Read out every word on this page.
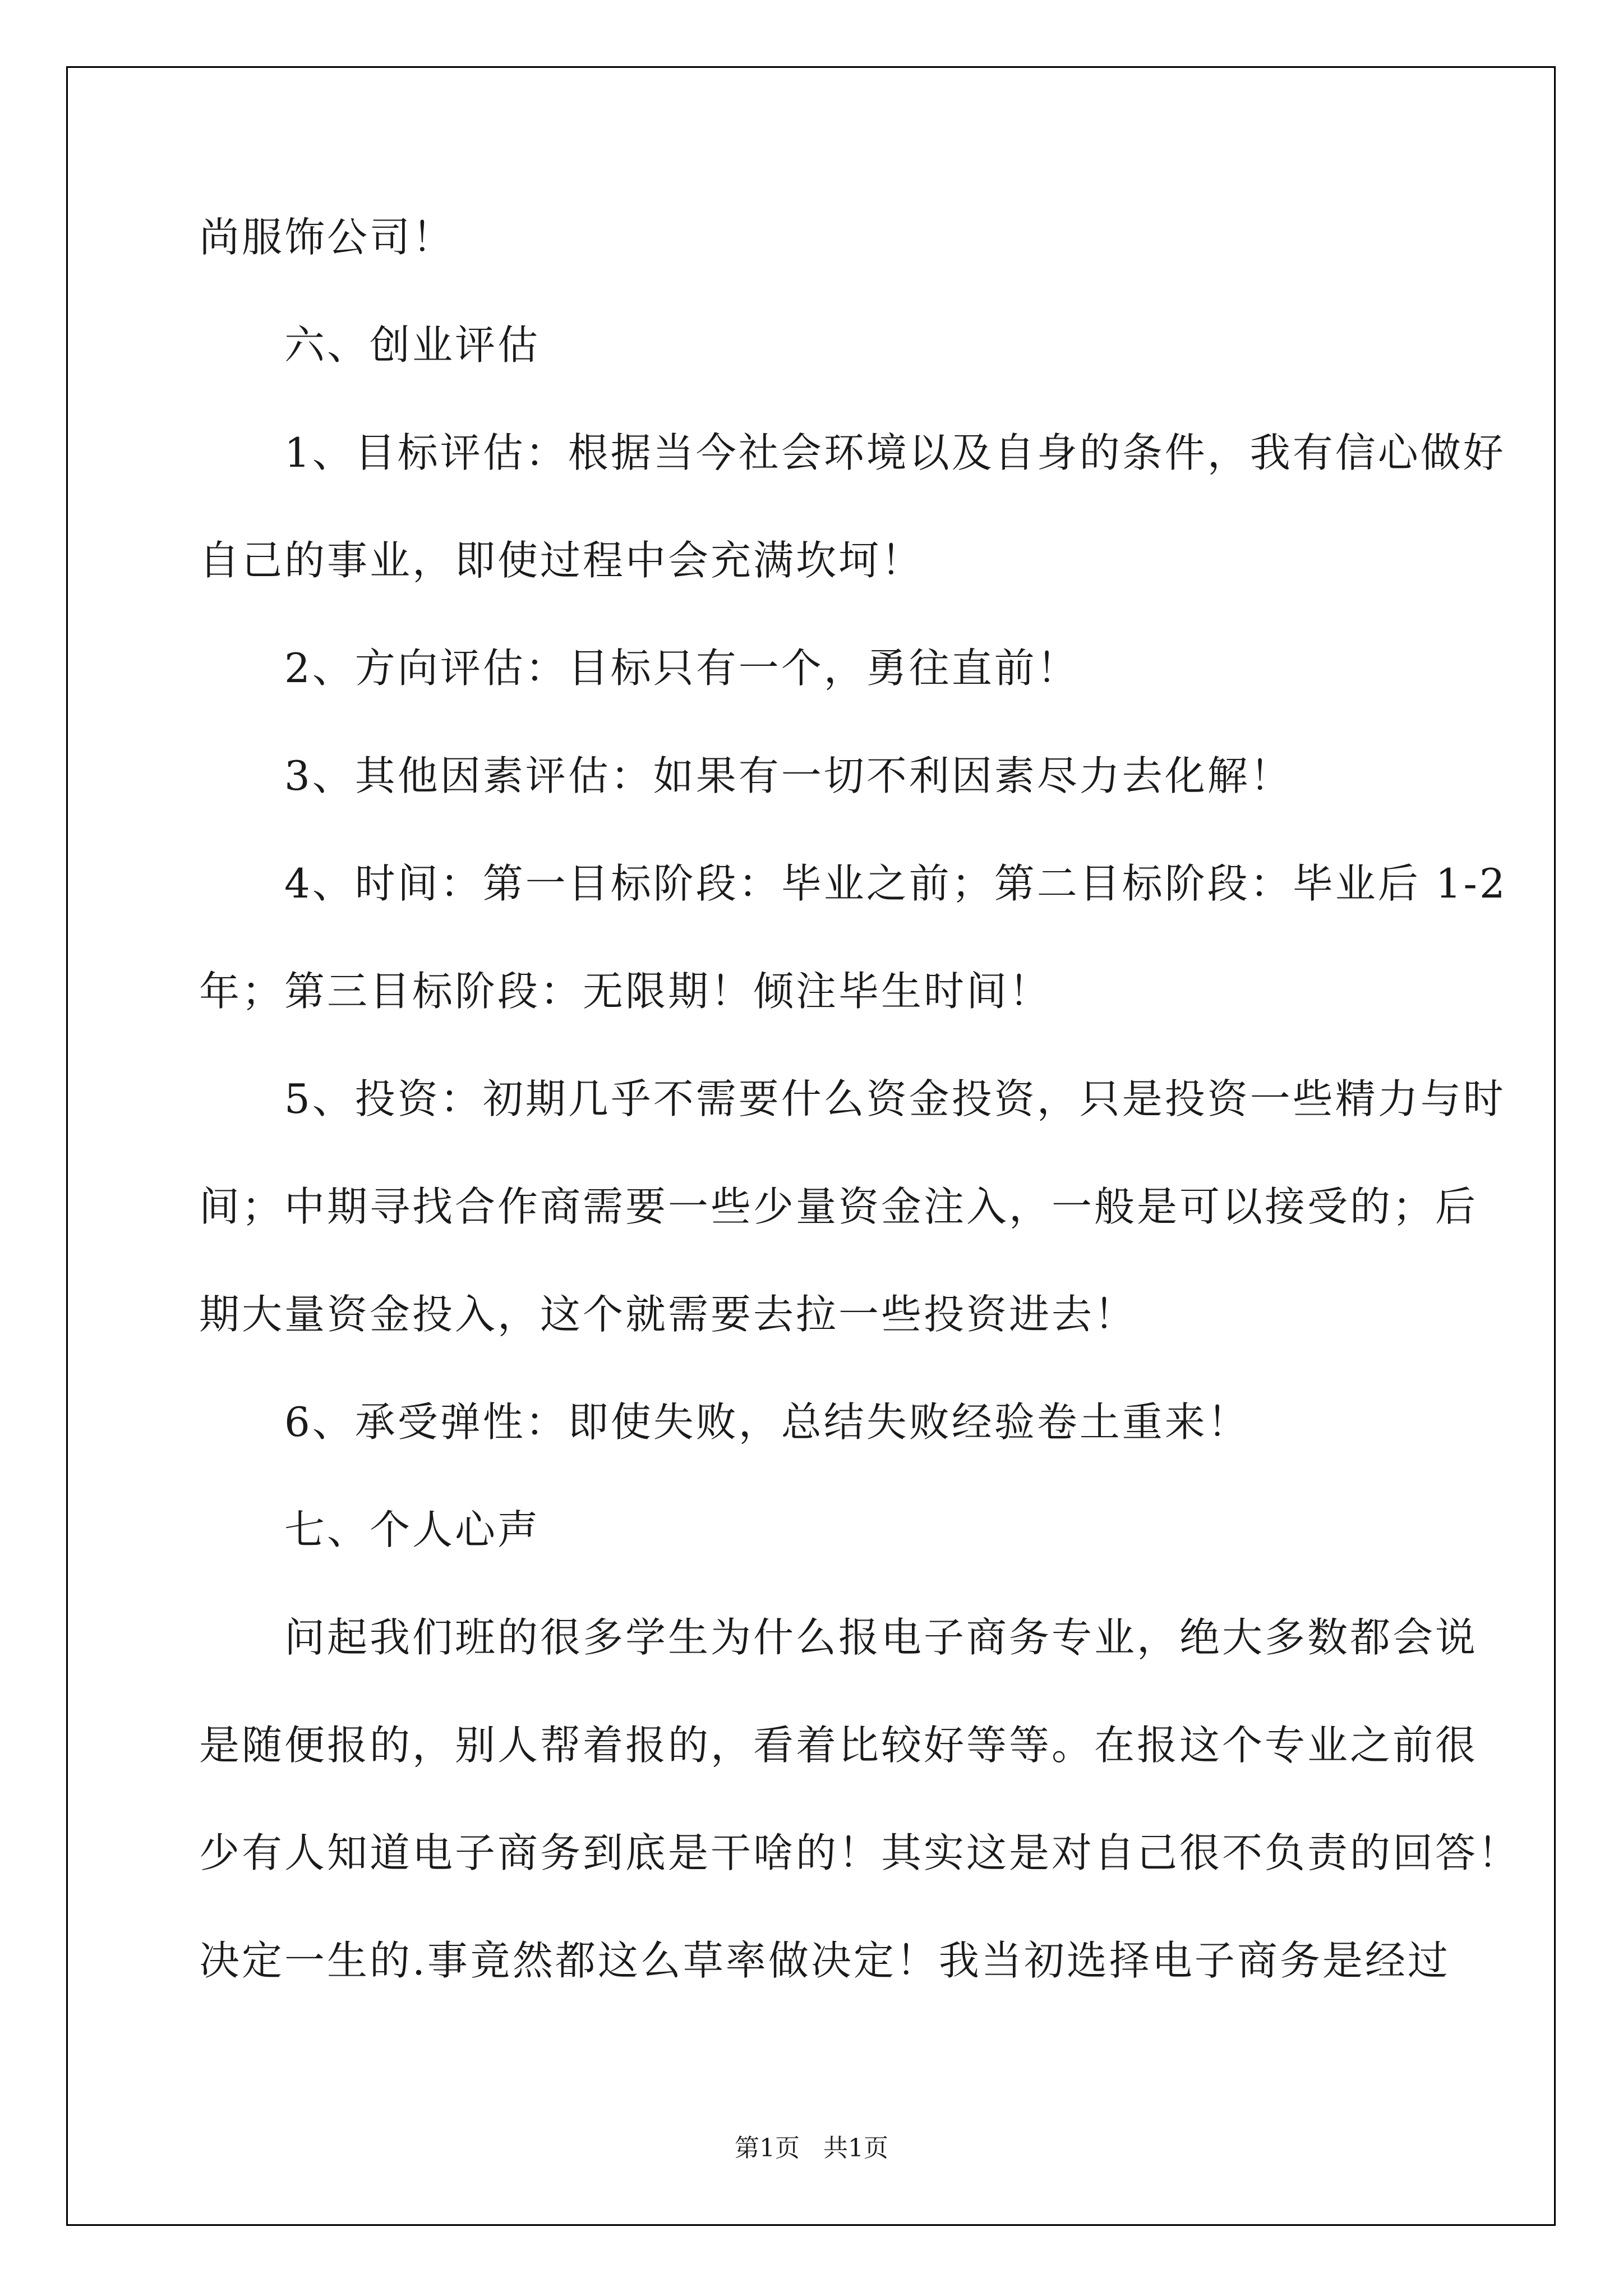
尚服饰公司！
　　六、创业评估
　　1、目标评估：根据当今社会环境以及自身的条件，我有信心做好
自己的事业，即使过程中会充满坎坷！
　　2、方向评估：目标只有一个，勇往直前！
　　3、其他因素评估：如果有一切不利因素尽力去化解！
　　4、时间：第一目标阶段：毕业之前；第二目标阶段：毕业后 1-2
年；第三目标阶段：无限期！倾注毕生时间！
　　5、投资：初期几乎不需要什么资金投资，只是投资一些精力与时
间；中期寻找合作商需要一些少量资金注入，一般是可以接受的；后
期大量资金投入，这个就需要去拉一些投资进去！
　　6、承受弹性：即使失败，总结失败经验卷土重来！
　　七、个人心声
　　问起我们班的很多学生为什么报电子商务专业，绝大多数都会说
是随便报的，别人帮着报的，看着比较好等等。在报这个专业之前很
少有人知道电子商务到底是干啥的！其实这是对自己很不负责的回答！
决定一生的.事竟然都这么草率做决定！我当初选择电子商务是经过
第1页 共1页
